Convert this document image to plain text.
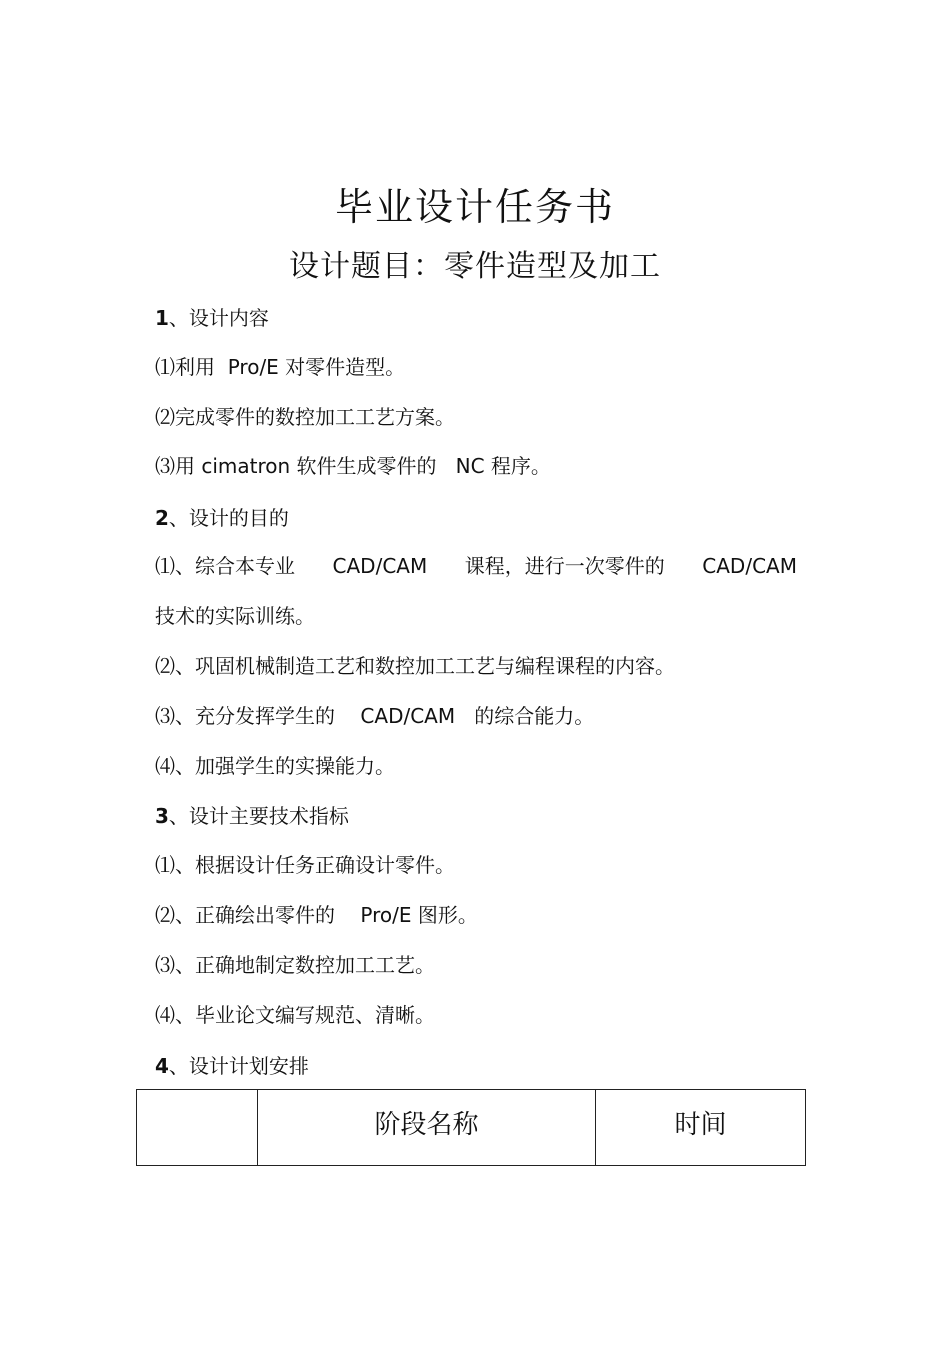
毕业设计任务书
设计题目：零件造型及加工
1、设计内容
⑴利用  Pro/E 对零件造型。
⑵完成零件的数控加工工艺方案。
⑶用 cimatron 软件生成零件的   NC 程序。
2、设计的目的
⑴、综合本专业 CAD/CAM 课程，进行一次零件的 CAD/CAM
技术的实际训练。
⑵、巩固机械制造工艺和数控加工工艺与编程课程的内容。
⑶、充分发挥学生的    CAD/CAM   的综合能力。
⑷、加强学生的实操能力。
3、设计主要技术指标
⑴、根据设计任务正确设计零件。
⑵、正确绘出零件的    Pro/E 图形。
⑶、正确地制定数控加工工艺。
⑷、毕业论文编写规范、清晰。
4、设计计划安排
	阶段名称	时间
